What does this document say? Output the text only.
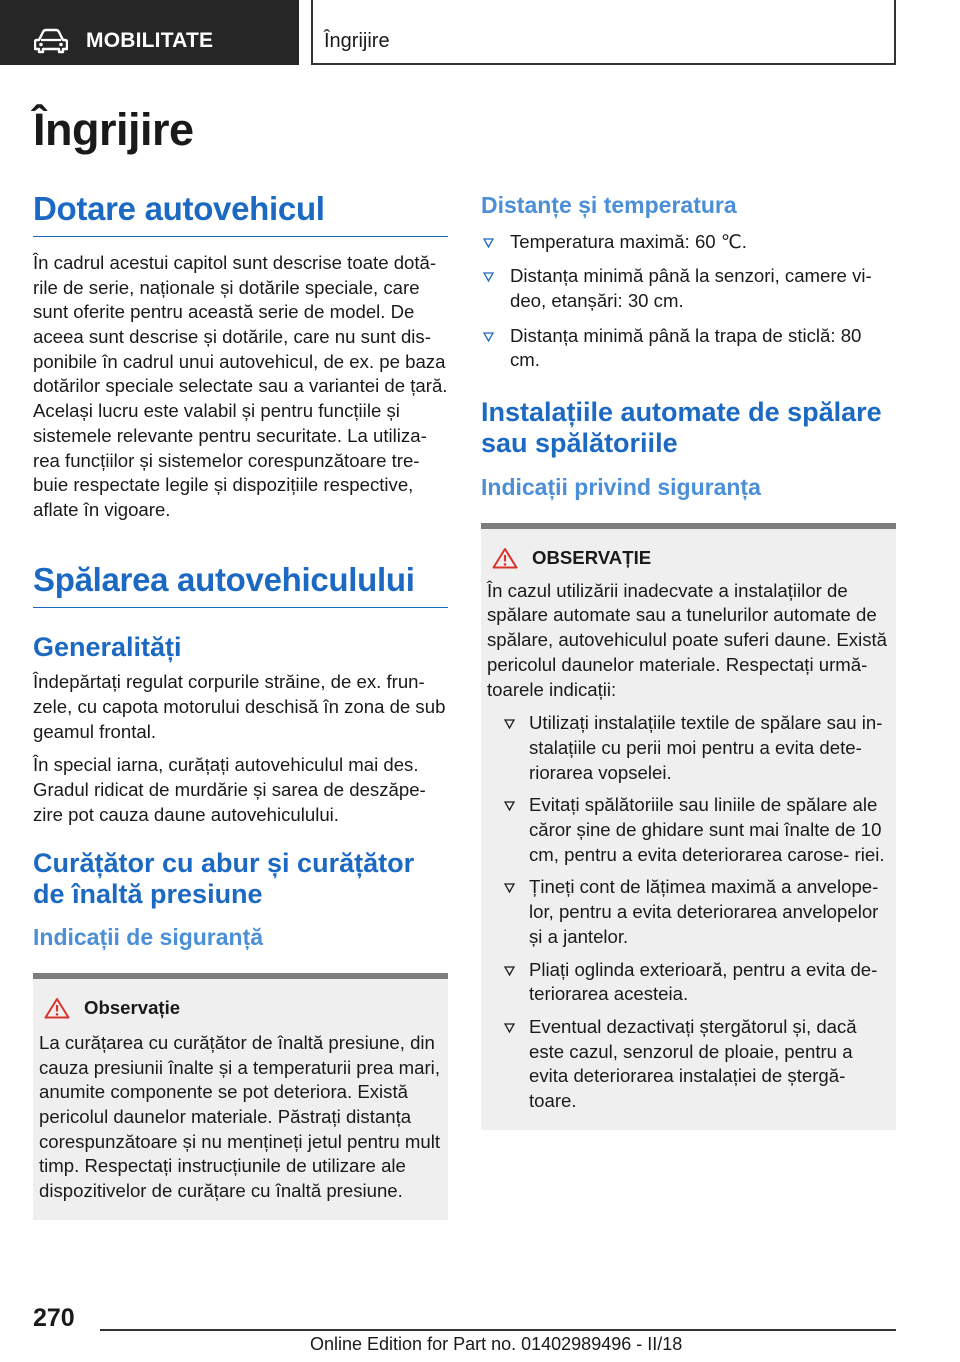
MOBILITATE	Îngrijire
Îngrijire
Dotare autovehicul
În cadrul acestui capitol sunt descrise toate dotă- rile de serie, naționale și dotările speciale, care sunt oferite pentru această serie de model. De aceea sunt descrise și dotările, care nu sunt dis- ponibile în cadrul unui autovehicul, de ex. pe baza dotărilor speciale selectate sau a variantei de țară. Același lucru este valabil și pentru funcțiile și sistemele relevante pentru securitate. La utiliza- rea funcțiilor și sistemelor corespunzătoare tre- buie respectate legile și dispozițiile respective, aflate în vigoare.
Spălarea autovehiculului
Generalități
Îndepărtați regulat corpurile străine, de ex. frun- zele, cu capota motorului deschisă în zona de sub geamul frontal.
În special iarna, curățați autovehiculul mai des. Gradul ridicat de murdărie și sarea de deszăpe- zire pot cauza daune autovehiculului.
Curățător cu abur și curățător de înaltă presiune
Indicații de siguranță
Observație
La curățarea cu curățător de înaltă presiune, din cauza presiunii înalte și a temperaturii prea mari, anumite componente se pot deteriora. Există pericolul daunelor materiale. Păstrați distanța corespunzătoare și nu mențineți jetul pentru mult timp. Respectați instrucțiunile de utilizare ale dispozitivelor de curățare cu înaltă presiune.
Distanțe și temperatura
Temperatura maximă: 60 ℃.
Distanța minimă până la senzori, camere vi- deo, etanșări: 30 cm.
Distanța minimă până la trapa de sticlă: 80 cm.
Instalațiile automate de spălare sau spălătoriile
Indicații privind siguranța
OBSERVAȚIE
În cazul utilizării inadecvate a instalațiilor de spălare automate sau a tunelurilor automate de spălare, autovehiculul poate suferi daune. Există pericolul daunelor materiale. Respectați urmă- toarele indicații:
Utilizați instalațiile textile de spălare sau in- stalațiile cu perii moi pentru a evita dete- riorarea vopselei.
Evitați spălătoriile sau liniile de spălare ale căror șine de ghidare sunt mai înalte de 10 cm, pentru a evita deteriorarea carose- riei.
Țineți cont de lățimea maximă a anvelope- lor, pentru a evita deteriorarea anvelopelor și a jantelor.
Pliați oglinda exterioară, pentru a evita de- teriorarea acesteia.
Eventual dezactivați ștergătorul și, dacă este cazul, senzorul de ploaie, pentru a evita deteriorarea instalației de ștergă- toare.
270
Online Edition for Part no. 01402989496 - II/18
